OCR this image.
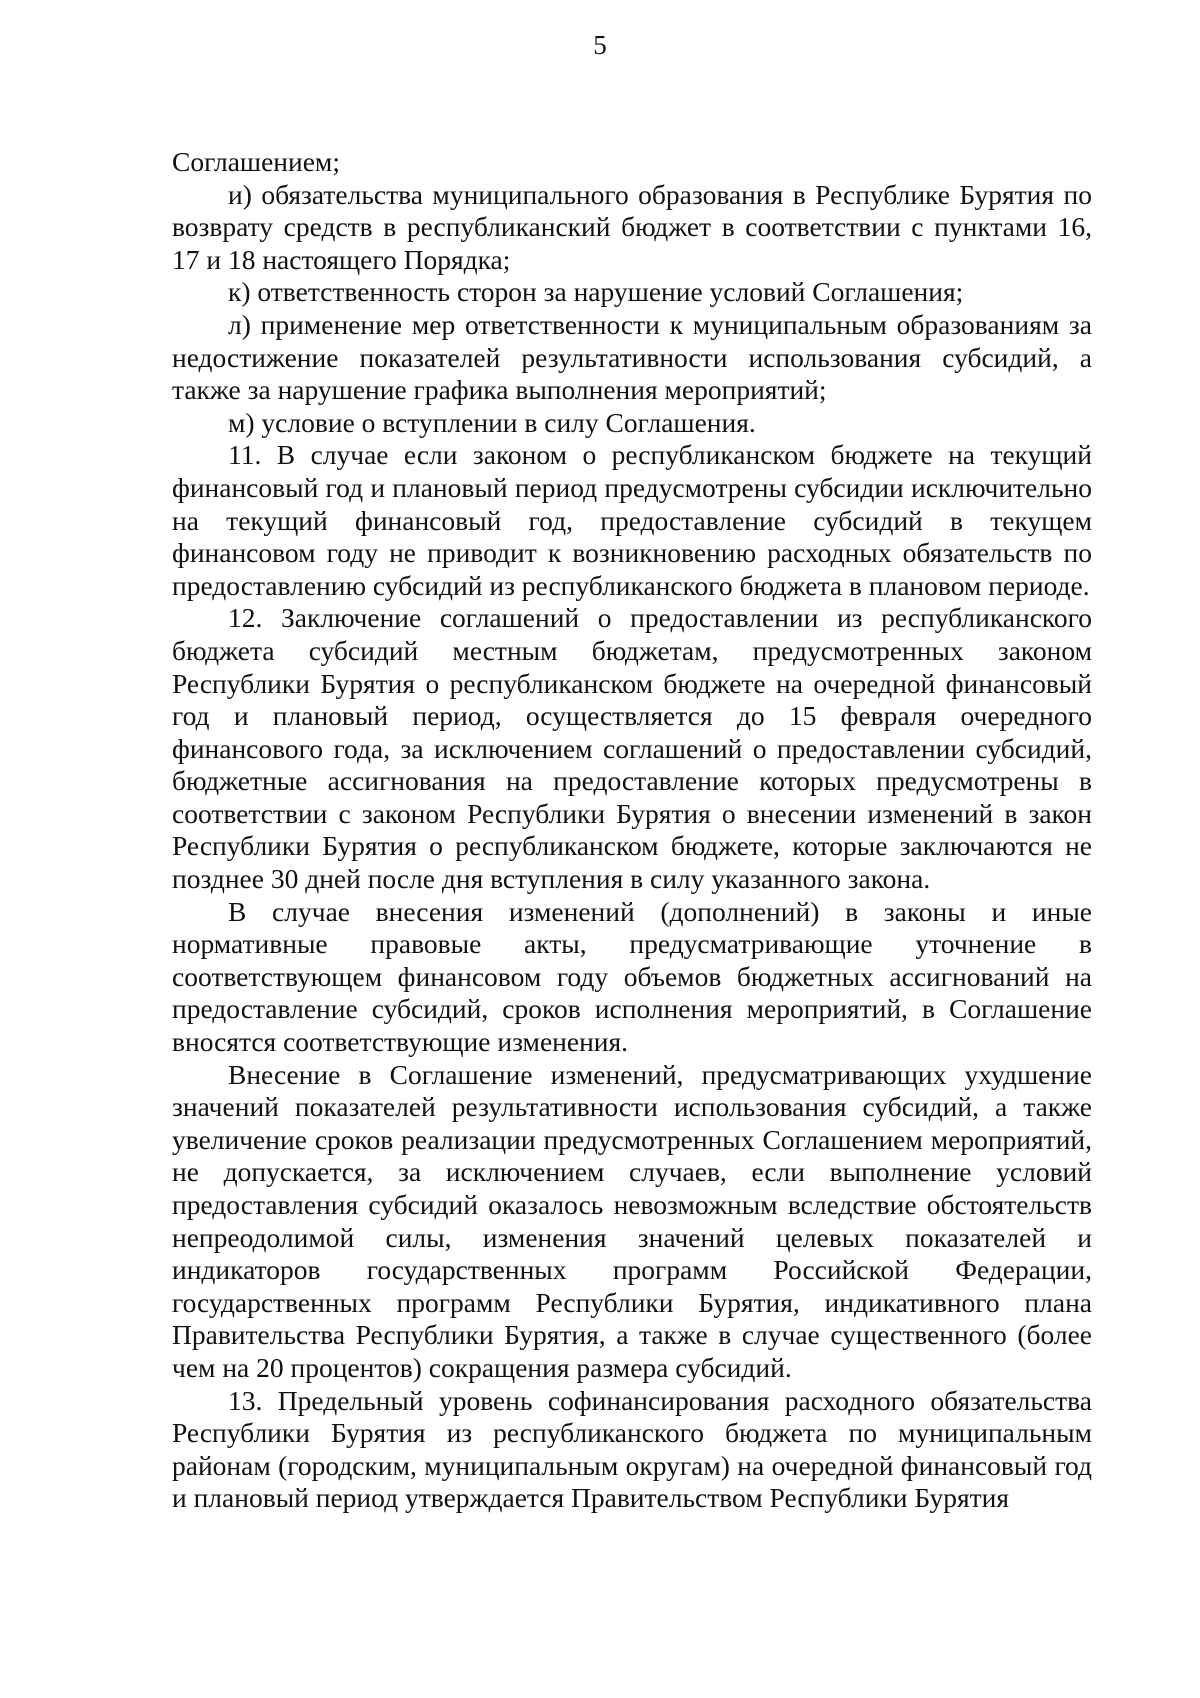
5

Соглашением;

и) обязательства муниципального образования в Республике Бурятия по возврату средств в республиканский бюджет в соответствии с пунктами 16, 17 и 18 настоящего Порядка;

к) ответственность сторон за нарушение условий Соглашения;

л) применение мер ответственности к муниципальным образованиям за недостижение показателей результативности использования субсидий, а также за нарушение графика выполнения мероприятий;

м) условие о вступлении в силу Соглашения.

11. В случае если законом о республиканском бюджете на текущий финансовый год и плановый период предусмотрены субсидии исключительно на текущий финансовый год, предоставление субсидий в текущем финансовом году не приводит к возникновению расходных обязательств по предоставлению субсидий из республиканского бюджета в плановом периоде.

12. Заключение соглашений о предоставлении из республиканского бюджета субсидий местным бюджетам, предусмотренных законом Республики Бурятия о республиканском бюджете на очередной финансовый год и плановый период, осуществляется до 15 февраля очередного финансового года, за исключением соглашений о предоставлении субсидий, бюджетные ассигнования на предоставление которых предусмотрены в соответствии с законом Республики Бурятия о внесении изменений в закон Республики Бурятия о республиканском бюджете, которые заключаются не позднее 30 дней после дня вступления в силу указанного закона.

В случае внесения изменений (дополнений) в законы и иные нормативные правовые акты, предусматривающие уточнение в соответствующем финансовом году объемов бюджетных ассигнований на предоставление субсидий, сроков исполнения мероприятий, в Соглашение вносятся соответствующие изменения.

Внесение в Соглашение изменений, предусматривающих ухудшение значений показателей результативности использования субсидий, а также увеличение сроков реализации предусмотренных Соглашением мероприятий, не допускается, за исключением случаев, если выполнение условий предоставления субсидий оказалось невозможным вследствие обстоятельств непреодолимой силы, изменения значений целевых показателей и индикаторов государственных программ Российской Федерации, государственных программ Республики Бурятия, индикативного плана Правительства Республики Бурятия, а также в случае существенного (более чем на 20 процентов) сокращения размера субсидий.

13. Предельный уровень софинансирования расходного обязательства Республики Бурятия из республиканского бюджета по муниципальным районам (городским, муниципальным округам) на очередной финансовый год и плановый период утверждается Правительством Республики Бурятия
